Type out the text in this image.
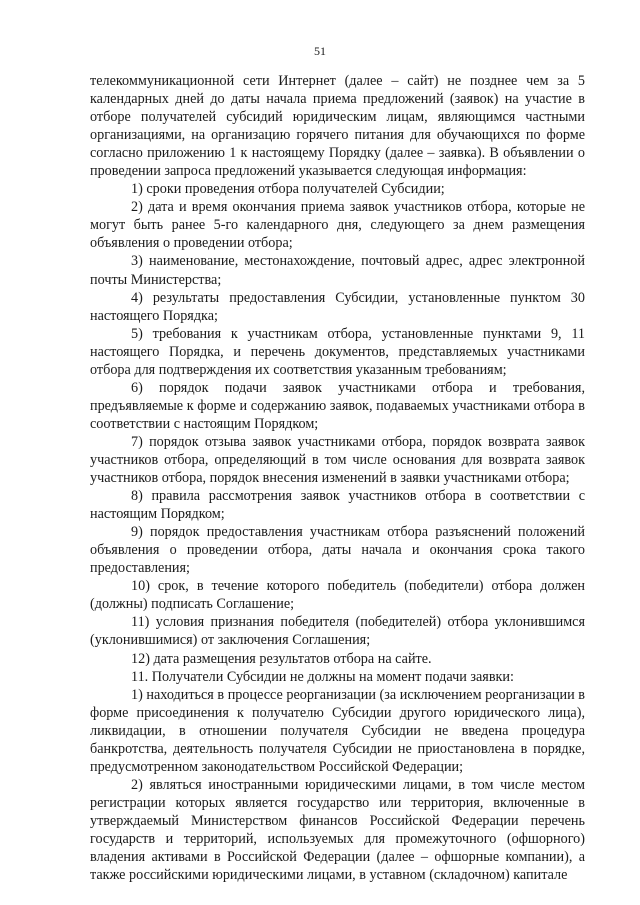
51

телекоммуникационной сети Интернет (далее – сайт) не позднее чем за 5 календарных дней до даты начала приема предложений (заявок) на участие в отборе получателей субсидий юридическим лицам, являющимся частными организациями, на организацию горячего питания для обучающихся по форме согласно приложению 1 к настоящему Порядку (далее – заявка). В объявлении о проведении запроса предложений указывается следующая информация:

1) сроки проведения отбора получателей Субсидии;

2) дата и время окончания приема заявок участников отбора, которые не могут быть ранее 5-го календарного дня, следующего за днем размещения объявления о проведении отбора;

3) наименование, местонахождение, почтовый адрес, адрес электронной почты Министерства;

4) результаты предоставления Субсидии, установленные пунктом 30 настоящего Порядка;

5) требования к участникам отбора, установленные пунктами 9, 11 настоящего Порядка, и перечень документов, представляемых участниками отбора для подтверждения их соответствия указанным требованиям;

6) порядок подачи заявок участниками отбора и требования, предъявляемые к форме и содержанию заявок, подаваемых участниками отбора в соответствии с настоящим Порядком;

7) порядок отзыва заявок участниками отбора, порядок возврата заявок участников отбора, определяющий в том числе основания для возврата заявок участников отбора, порядок внесения изменений в заявки участниками отбора;

8) правила рассмотрения заявок участников отбора в соответствии с настоящим Порядком;

9) порядок предоставления участникам отбора разъяснений положений объявления о проведении отбора, даты начала и окончания срока такого предоставления;

10) срок, в течение которого победитель (победители) отбора должен (должны) подписать Соглашение;

11) условия признания победителя (победителей) отбора уклонившимся (уклонившимися) от заключения Соглашения;

12) дата размещения результатов отбора на сайте.

11. Получатели Субсидии не должны на момент подачи заявки:

1) находиться в процессе реорганизации (за исключением реорганизации в форме присоединения к получателю Субсидии другого юридического лица), ликвидации, в отношении получателя Субсидии не введена процедура банкротства, деятельность получателя Субсидии не приостановлена в порядке, предусмотренном законодательством Российской Федерации;

2) являться иностранными юридическими лицами, в том числе местом регистрации которых является государство или территория, включенные в утверждаемый Министерством финансов Российской Федерации перечень государств и территорий, используемых для промежуточного (офшорного) владения активами в Российской Федерации (далее – офшорные компании), а также российскими юридическими лицами, в уставном (складочном) капитале
